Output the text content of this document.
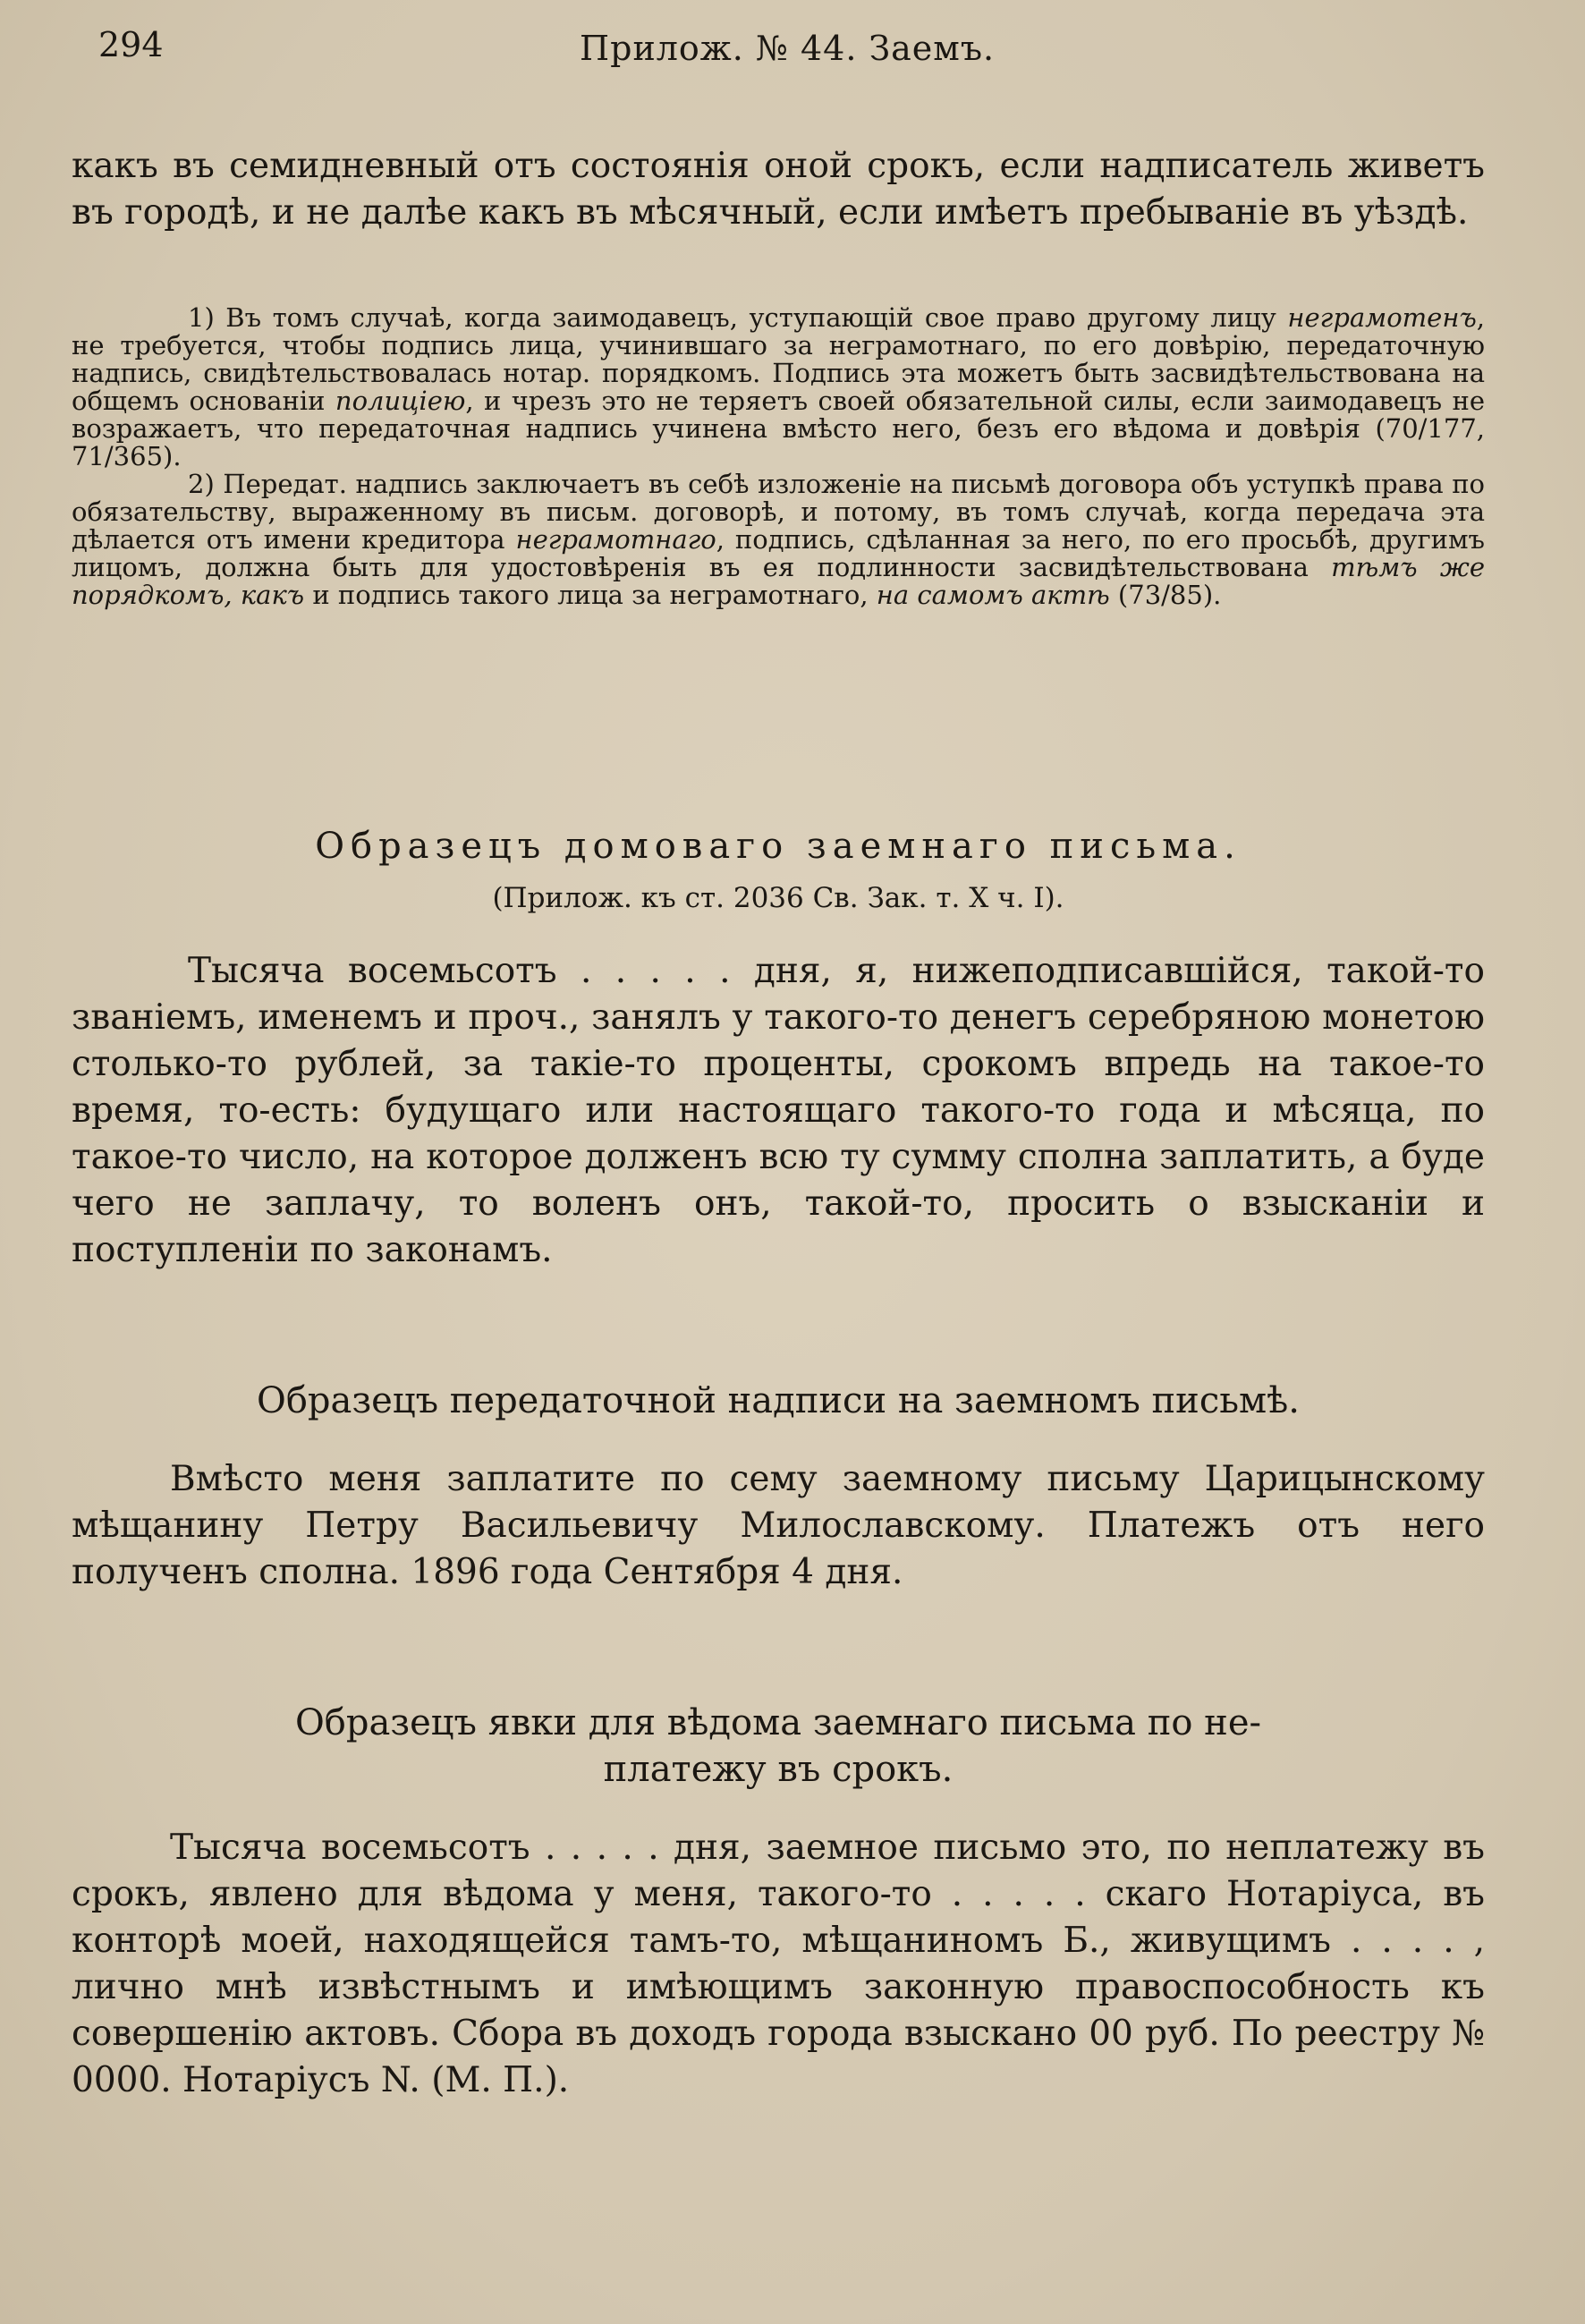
294	Прилож. № 44. Заемъ.

какъ въ семидневный отъ состоянія оной срокъ, если надписатель живетъ въ городѣ, и не далѣе какъ въ мѣсячный, если имѣетъ пребываніе въ уѣздѣ.

1) Въ томъ случаѣ, когда заимодавецъ, уступающій свое право другому лицу неграмотенъ, не требуется, чтобы подпись лица, учинившаго за неграмотнаго, по его довѣрію, передаточную надпись, свидѣтельствовалась нотар. порядкомъ. Подпись эта можетъ быть засвидѣтельствована на общемъ основаніи полиціею, и чрезъ это не теряетъ своей обязательной силы, если заимодавецъ не возражаетъ, что передаточная надпись учинена вмѣсто него, безъ его вѣдома и довѣрія (70/177, 71/365).

2) Передат. надпись заключаетъ въ себѣ изложеніе на письмѣ договора объ уступкѣ права по обязательству, выраженному въ письм. договорѣ, и потому, въ томъ случаѣ, когда передача эта дѣлается отъ имени кредитора неграмотнаго, подпись, сдѣланная за него, по его просьбѣ, другимъ лицомъ, должна быть для удостовѣренія въ ея подлинности засвидѣтельствована тѣмъ же порядкомъ, какъ и подпись такого лица за неграмотнаго, на самомъ актѣ (73/85).

Образецъ домоваго заемнаго письма.

(Прилож. къ ст. 2036 Св. Зак. т. X ч. I).

Тысяча восемьсотъ . . . . . дня, я, нижеподписавшійся, такой-то званіемъ, именемъ и проч., занялъ у такого-то денегъ серебряною монетою столько-то рублей, за такіе-то проценты, срокомъ впредь на такое-то время, то-есть: будущаго или настоящаго такого-то года и мѣсяца, по такое-то число, на которое долженъ всю ту сумму сполна заплатить, а буде чего не заплачу, то воленъ онъ, такой-то, просить о взысканіи и поступленіи по законамъ.

Образецъ передаточной надписи на заемномъ письмѣ.

Вмѣсто меня заплатите по сему заемному письму Царицынскому мѣщанину Петру Васильевичу Милославскому. Платежъ отъ него полученъ сполна. 1896 года Сентября 4 дня.

Образецъ явки для вѣдома заемнаго письма по не-

платежу въ срокъ.

Тысяча восемьсотъ . . . . . дня, заемное письмо это, по неплатежу въ срокъ, явлено для вѣдома у меня, такого-то . . . . . скаго Нотаріуса, въ конторѣ моей, находящейся тамъ-то, мѣщаниномъ Б., живущимъ . . . . , лично мнѣ извѣстнымъ и имѣющимъ законную правоспособность къ совершенію актовъ. Сбора въ доходъ города взыскано 00 руб. По реестру № 0000. Нотаріусъ N. (М. П.).
